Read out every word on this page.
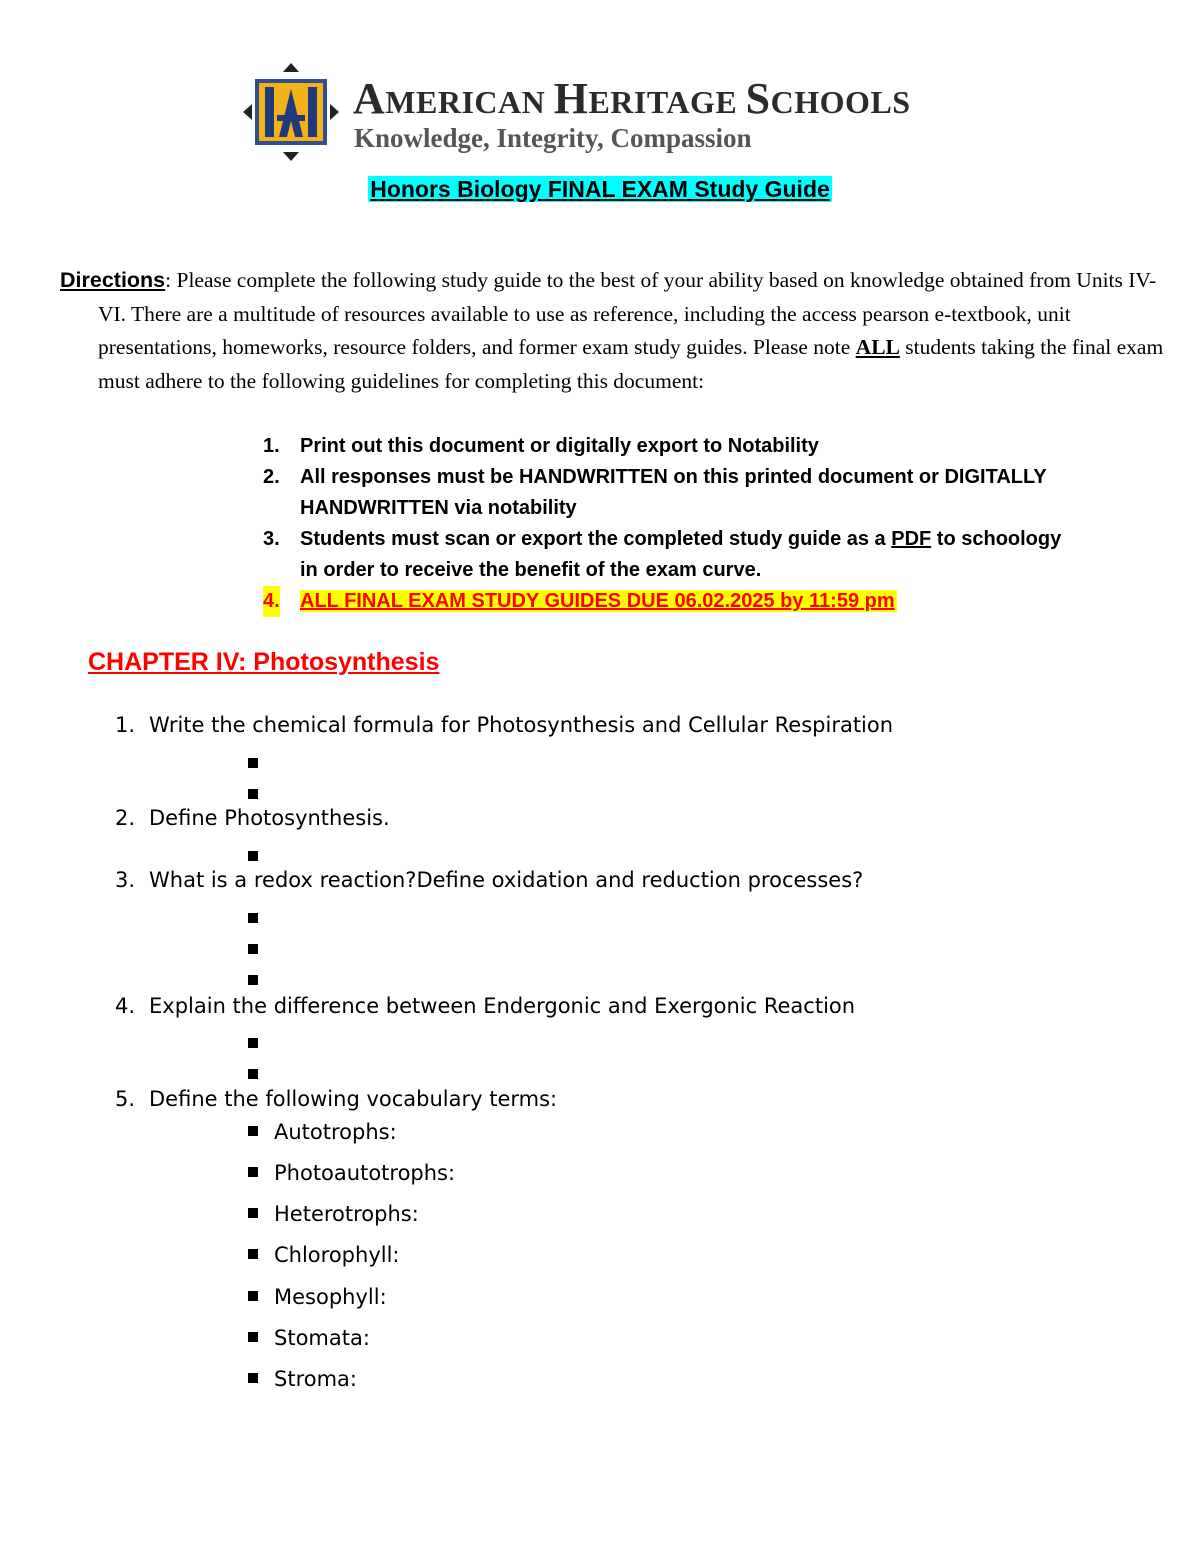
AMERICAN HERITAGE SCHOOLS
Knowledge, Integrity, Compassion
Honors Biology FINAL EXAM Study Guide
Directions: Please complete the following study guide to the best of your ability based on knowledge obtained from Units IV-VI. There are a multitude of resources available to use as reference, including the access pearson e-textbook, unit presentations, homeworks, resource folders, and former exam study guides. Please note ALL students taking the final exam must adhere to the following guidelines for completing this document:
1. Print out this document or digitally export to Notability
2. All responses must be HANDWRITTEN on this printed document or DIGITALLY HANDWRITTEN via notability
3. Students must scan or export the completed study guide as a PDF to schoology in order to receive the benefit of the exam curve.
4. ALL FINAL EXAM STUDY GUIDES DUE 06.02.2025 by 11:59 pm
CHAPTER IV: Photosynthesis
1. Write the chemical formula for Photosynthesis and Cellular Respiration
2. Define Photosynthesis.
3. What is a redox reaction?Define oxidation and reduction processes?
4. Explain the difference between Endergonic and Exergonic Reaction
5. Define the following vocabulary terms:
Autotrophs:
Photoautotrophs:
Heterotrophs:
Chlorophyll:
Mesophyll:
Stomata:
Stroma:
